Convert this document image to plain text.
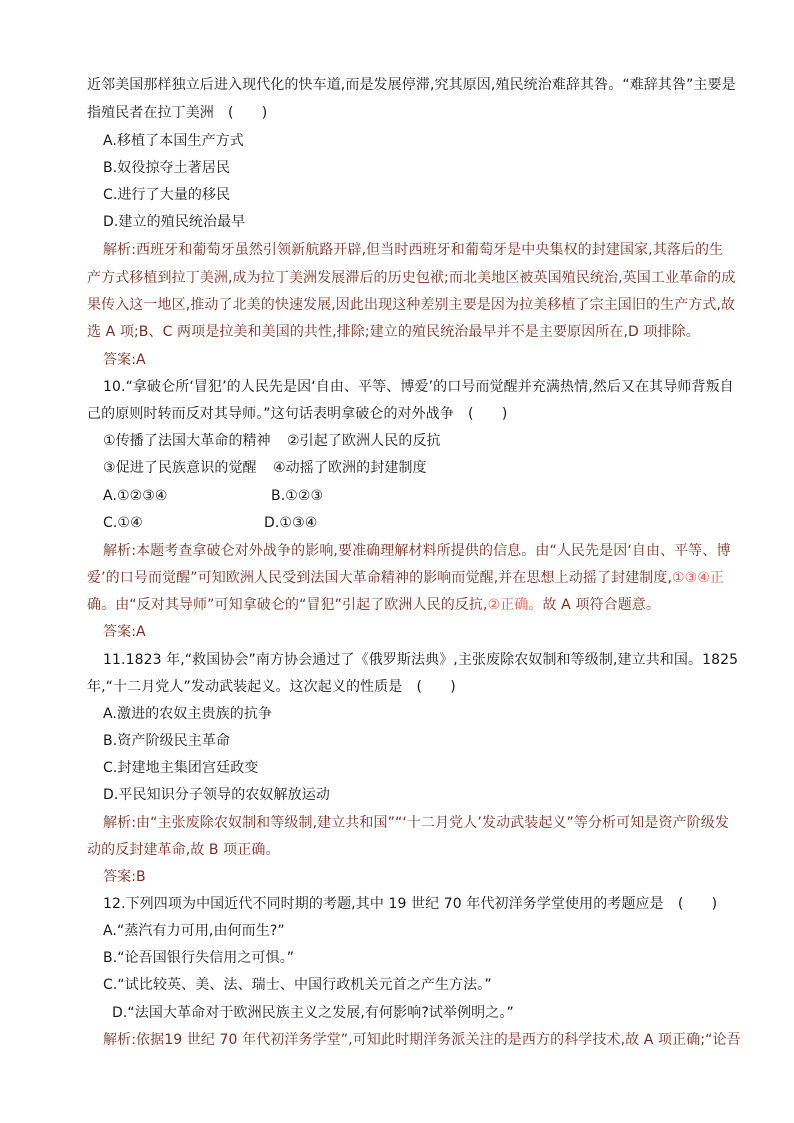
近邻美国那样独立后进入现代化的快车道,而是发展停滞,究其原因,殖民统治难辞其咎。“难辞其咎”主要是
指殖民者在拉丁美洲　(　　)
A.移植了本国生产方式
B.奴役掠夺土著居民
C.进行了大量的移民
D.建立的殖民统治最早
解析:西班牙和葡萄牙虽然引领新航路开辟,但当时西班牙和葡萄牙是中央集权的封建国家,其落后的生
产方式移植到拉丁美洲,成为拉丁美洲发展滞后的历史包袱;而北美地区被英国殖民统治,英国工业革命的成
果传入这一地区,推动了北美的快速发展,因此出现这种差别主要是因为拉美移植了宗主国旧的生产方式,故
选 A 项;B、C 两项是拉美和美国的共性,排除;建立的殖民统治最早并不是主要原因所在,D 项排除。
答案:A
10.“拿破仑所‘冒犯’的人民先是因‘自由、平等、博爱’的口号而觉醒并充满热情,然后又在其导师背叛自
己的原则时转而反对其导师。”这句话表明拿破仑的对外战争　(　　)
①传播了法国大革命的精神 ②引起了欧洲人民的反抗
③促进了民族意识的觉醒 ④动摇了欧洲的封建制度
A.①②③④	B.①②③
C.①④	D.①③④
解析:本题考查拿破仑对外战争的影响,要准确理解材料所提供的信息。由“人民先是因‘自由、平等、博
爱’的口号而觉醒”可知欧洲人民受到法国大革命精神的影响而觉醒,并在思想上动摇了封建制度,①③④正
确。由“反对其导师”可知拿破仑的“冒犯”引起了欧洲人民的反抗,②正确。故 A 项符合题意。
答案:A
11.1823 年,“救国协会”南方协会通过了《俄罗斯法典》,主张废除农奴制和等级制,建立共和国。1825
年,“十二月党人”发动武装起义。这次起义的性质是　(　　)
A.激进的农奴主贵族的抗争
B.资产阶级民主革命
C.封建地主集团宫廷政变
D.平民知识分子领导的农奴解放运动
解析:由“主张废除农奴制和等级制,建立共和国”“‘十二月党人’发动武装起义”等分析可知是资产阶级发
动的反封建革命,故 B 项正确。
答案:B
12.下列四项为中国近代不同时期的考题,其中 19 世纪 70 年代初洋务学堂使用的考题应是　(　　)
A.“蒸汽有力可用,由何而生?”
B.“论吾国银行失信用之可惧。”
C.“试比较英、美、法、瑞士、中国行政机关元首之产生方法。”
D.“法国大革命对于欧洲民族主义之发展,有何影响?试举例明之。”
解析:依据19 世纪 70 年代初洋务学堂”,可知此时期洋务派关注的是西方的科学技术,故 A 项正确;“论吾
